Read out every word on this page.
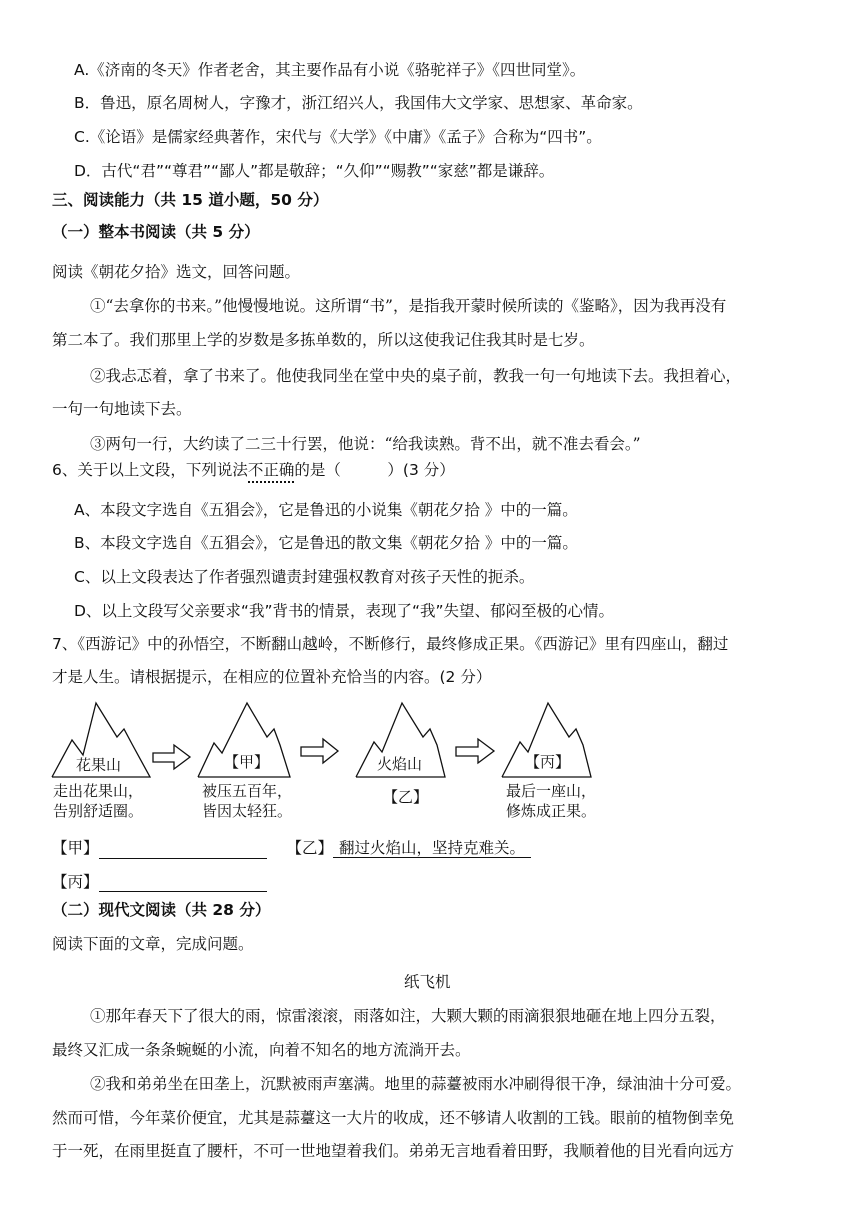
A.《济南的冬天》作者老舍，其主要作品有小说《骆驼祥子》《四世同堂》。
B．鲁迅，原名周树人，字豫才，浙江绍兴人，我国伟大文学家、思想家、革命家。
C.《论语》是儒家经典著作，宋代与《大学》《中庸》《孟子》合称为“四书”。
D．古代“君”“尊君”“鄙人”都是敬辞；“久仰”“赐教”“家慈”都是谦辞。
三、阅读能力（共 15 道小题，50 分）
（一）整本书阅读（共 5 分）
阅读《朝花夕拾》选文，回答问题。
①“去拿你的书来。”他慢慢地说。这所谓“书”，是指我开蒙时候所读的《鉴略》，因为我再没有
第二本了。我们那里上学的岁数是多拣单数的，所以这使我记住我其时是七岁。
②我忐忑着，拿了书来了。他使我同坐在堂中央的桌子前，教我一句一句地读下去。我担着心，
一句一句地读下去。
③两句一行，大约读了二三十行罢，他说：“给我读熟。背不出，就不准去看会。”
6、关于以上文段，下列说法不正确的是（　　　）(3 分）
A、本段文字选自《五猖会》，它是鲁迅的小说集《朝花夕拾 》中的一篇。
B、本段文字选自《五猖会》，它是鲁迅的散文集《朝花夕拾 》中的一篇。
C、以上文段表达了作者强烈谴责封建强权教育对孩子天性的扼杀。
D、以上文段写父亲要求“我”背书的情景，表现了“我”失望、郁闷至极的心情。
7、《西游记》中的孙悟空，不断翻山越岭，不断修行，最终修成正果。《西游记》里有四座山，翻过
才是人生。请根据提示，在相应的位置补充恰当的内容。(2 分）
花果山
走出花果山，
告别舒适圈。
【甲】
被压五百年，
皆因太轻狂。
火焰山
【乙】
【丙】
最后一座山，
修炼成正果。
【甲】	【乙】 翻过火焰山，坚持克难关。
【丙】
（二）现代文阅读（共 28 分）
阅读下面的文章，完成问题。
纸飞机
①那年春天下了很大的雨，惊雷滚滚，雨落如注，大颗大颗的雨滴狠狠地砸在地上四分五裂，
最终又汇成一条条蜿蜒的小流，向着不知名的地方流淌开去。
②我和弟弟坐在田垄上，沉默被雨声塞满。地里的蒜薹被雨水冲刷得很干净，绿油油十分可爱。
然而可惜，今年菜价便宜，尤其是蒜薹这一大片的收成，还不够请人收割的工钱。眼前的植物倒幸免
于一死，在雨里挺直了腰杆，不可一世地望着我们。弟弟无言地看着田野，我顺着他的目光看向远方
